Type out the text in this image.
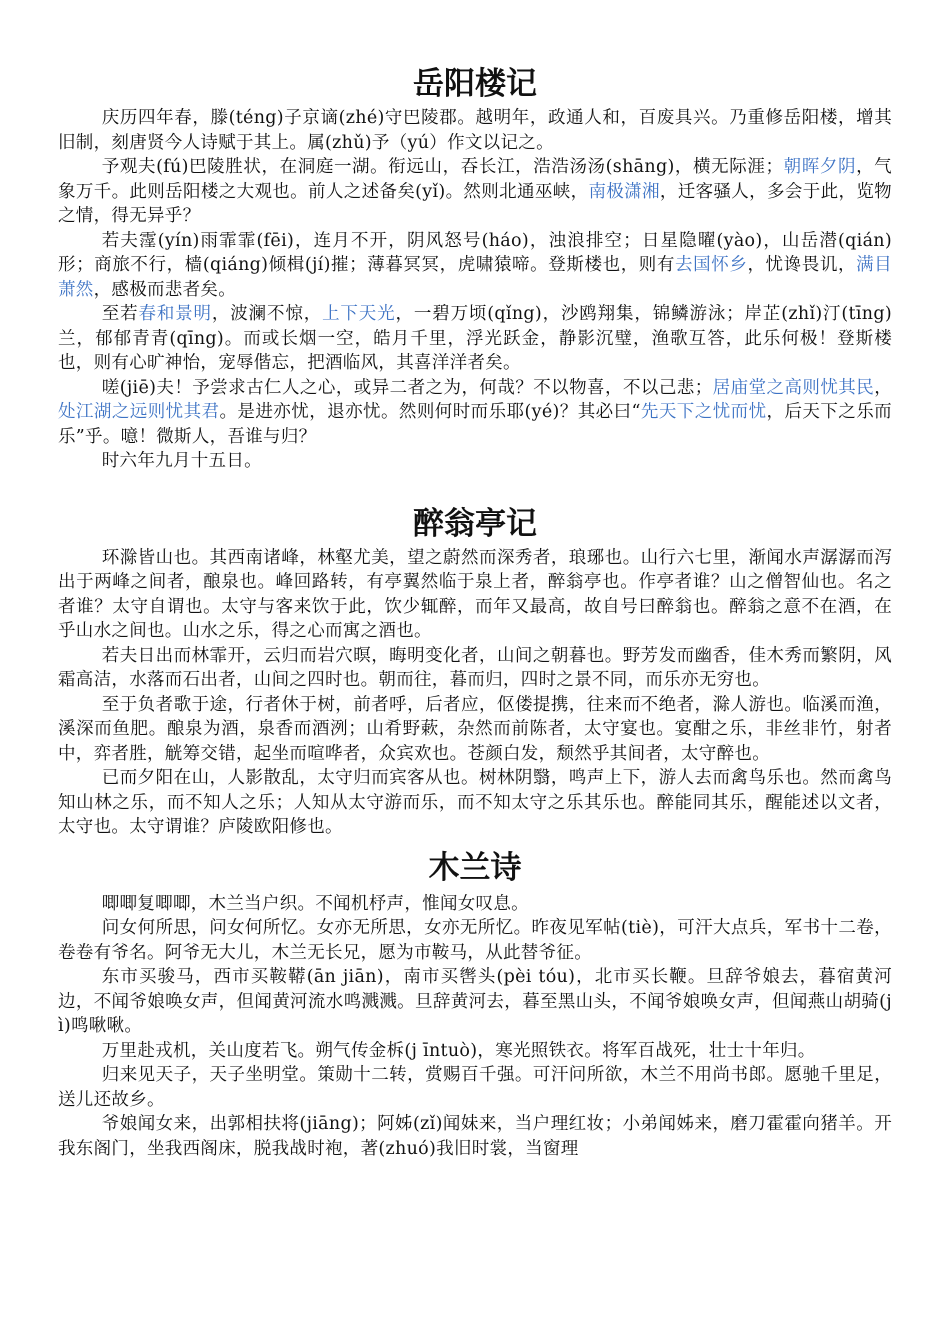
岳阳楼记

庆历四年春，滕(téng)子京谪(zhé)守巴陵郡。越明年，政通人和，百废具兴。乃重修岳阳楼，增其旧制，刻唐贤今人诗赋于其上。属(zhǔ)予（yú）作文以记之。

予观夫(fú)巴陵胜状，在洞庭一湖。衔远山，吞长江，浩浩汤汤(shāng)，横无际涯；朝晖夕阴，气象万千。此则岳阳楼之大观也。前人之述备矣(yǐ)。然则北通巫峡，南极潇湘，迁客骚人，多会于此，览物之情，得无异乎？

若夫霪(yín)雨霏霏(fēi)，连月不开，阴风怒号(háo)，浊浪排空；日星隐曜(yào)，山岳潜(qián)形；商旅不行，樯(qiáng)倾楫(jí)摧；薄暮冥冥，虎啸猿啼。登斯楼也，则有去国怀乡，忧谗畏讥，满目萧然，感极而悲者矣。

至若春和景明，波澜不惊，上下天光，一碧万顷(qǐng)，沙鸥翔集，锦鳞游泳；岸芷(zhǐ)汀(tīng)兰，郁郁青青(qīng)。而或长烟一空，皓月千里，浮光跃金，静影沉璧，渔歌互答，此乐何极！登斯楼也，则有心旷神怡，宠辱偕忘，把酒临风，其喜洋洋者矣。

嗟(jiē)夫！予尝求古仁人之心，或异二者之为，何哉？不以物喜，不以己悲；居庙堂之高则忧其民，处江湖之远则忧其君。是进亦忧，退亦忧。然则何时而乐耶(yé)？其必曰“先天下之忧而忧，后天下之乐而乐”乎。噫！微斯人，吾谁与归？

时六年九月十五日。

醉翁亭记

环滁皆山也。其西南诸峰，林壑尤美，望之蔚然而深秀者，琅琊也。山行六七里，渐闻水声潺潺而泻出于两峰之间者，酿泉也。峰回路转，有亭翼然临于泉上者，醉翁亭也。作亭者谁？山之僧智仙也。名之者谁？太守自谓也。太守与客来饮于此，饮少辄醉，而年又最高，故自号曰醉翁也。醉翁之意不在酒，在乎山水之间也。山水之乐，得之心而寓之酒也。

若夫日出而林霏开，云归而岩穴暝，晦明变化者，山间之朝暮也。野芳发而幽香，佳木秀而繁阴，风霜高洁，水落而石出者，山间之四时也。朝而往，暮而归，四时之景不同，而乐亦无穷也。

至于负者歌于途，行者休于树，前者呼，后者应，伛偻提携，往来而不绝者，滁人游也。临溪而渔，溪深而鱼肥。酿泉为酒，泉香而酒洌；山肴野蔌，杂然而前陈者，太守宴也。宴酣之乐，非丝非竹，射者中，弈者胜，觥筹交错，起坐而喧哗者，众宾欢也。苍颜白发，颓然乎其间者，太守醉也。

已而夕阳在山，人影散乱，太守归而宾客从也。树林阴翳，鸣声上下，游人去而禽鸟乐也。然而禽鸟知山林之乐，而不知人之乐；人知从太守游而乐，而不知太守之乐其乐也。醉能同其乐，醒能述以文者，太守也。太守谓谁？庐陵欧阳修也。

木兰诗

唧唧复唧唧，木兰当户织。不闻机杼声，惟闻女叹息。

问女何所思，问女何所忆。女亦无所思，女亦无所忆。昨夜见军帖(tiè)，可汗大点兵，军书十二卷，卷卷有爷名。阿爷无大儿，木兰无长兄，愿为市鞍马，从此替爷征。

东市买骏马，西市买鞍鞯(ān jiān)，南市买辔头(pèi tóu)，北市买长鞭。旦辞爷娘去，暮宿黄河边，不闻爷娘唤女声，但闻黄河流水鸣溅溅。旦辞黄河去，暮至黑山头，不闻爷娘唤女声，但闻燕山胡骑(jì)鸣啾啾。

万里赴戎机，关山度若飞。朔气传金柝(j īntuò)，寒光照铁衣。将军百战死，壮士十年归。

归来见天子，天子坐明堂。策勋十二转，赏赐百千强。可汗问所欲，木兰不用尚书郎。愿驰千里足，送儿还故乡。

爷娘闻女来，出郭相扶将(jiāng)；阿姊(zǐ)闻妹来，当户理红妆；小弟闻姊来，磨刀霍霍向猪羊。开我东阁门，坐我西阁床，脱我战时袍，著(zhuó)我旧时裳，当窗理
